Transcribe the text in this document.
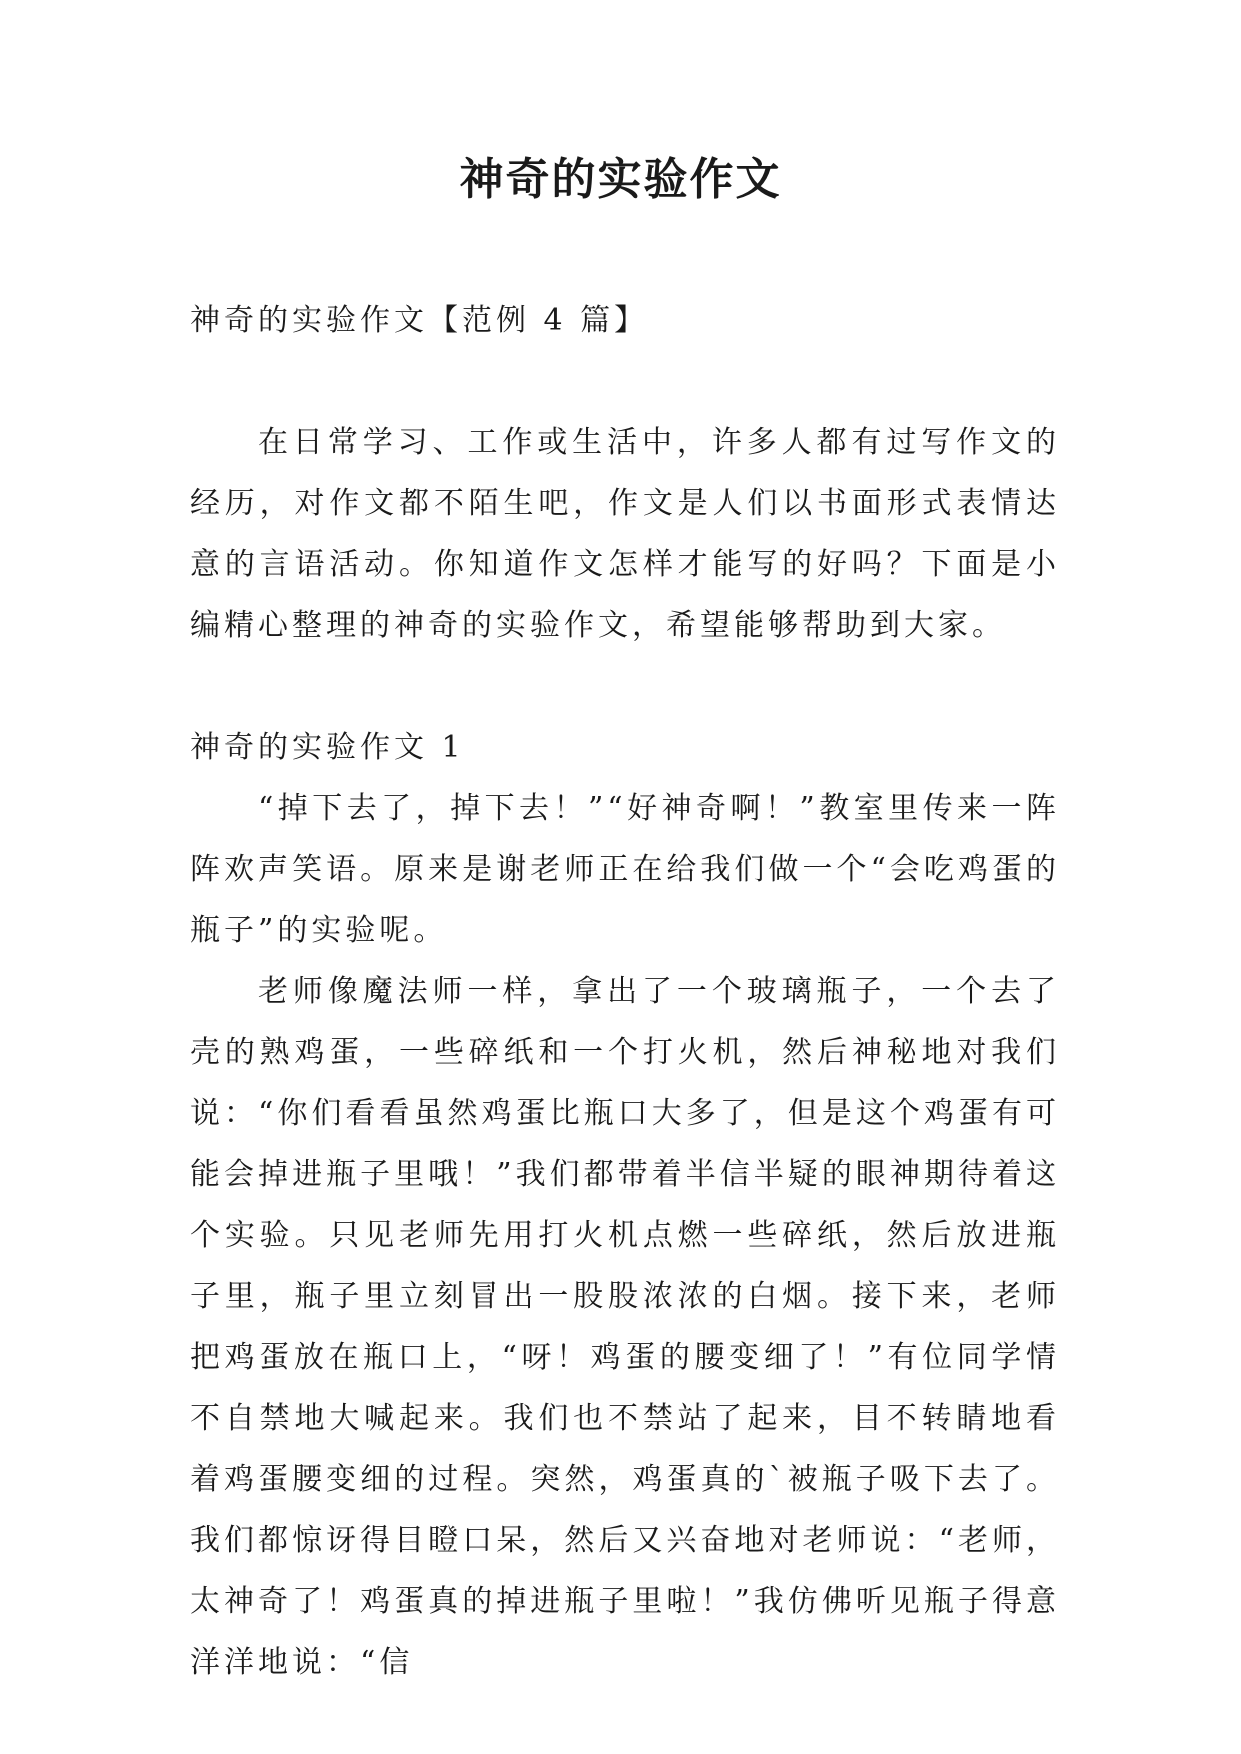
神奇的实验作文

神奇的实验作文【范例 4 篇】

在日常学习、工作或生活中，许多人都有过写作文的经历，对作文都不陌生吧，作文是人们以书面形式表情达意的言语活动。你知道作文怎样才能写的好吗？下面是小编精心整理的神奇的实验作文，希望能够帮助到大家。

神奇的实验作文 1

“掉下去了，掉下去！”“好神奇啊！”教室里传来一阵阵欢声笑语。原来是谢老师正在给我们做一个“会吃鸡蛋的瓶子”的实验呢。

老师像魔法师一样，拿出了一个玻璃瓶子，一个去了壳的熟鸡蛋，一些碎纸和一个打火机，然后神秘地对我们说：“你们看看虽然鸡蛋比瓶口大多了，但是这个鸡蛋有可能会掉进瓶子里哦！”我们都带着半信半疑的眼神期待着这个实验。只见老师先用打火机点燃一些碎纸，然后放进瓶子里，瓶子里立刻冒出一股股浓浓的白烟。接下来，老师把鸡蛋放在瓶口上，“呀！鸡蛋的腰变细了！”有位同学情不自禁地大喊起来。我们也不禁站了起来，目不转睛地看着鸡蛋腰变细的过程。突然，鸡蛋真的`被瓶子吸下去了。我们都惊讶得目瞪口呆，然后又兴奋地对老师说：“老师，太神奇了！鸡蛋真的掉进瓶子里啦！”我仿佛听见瓶子得意洋洋地说：“信
